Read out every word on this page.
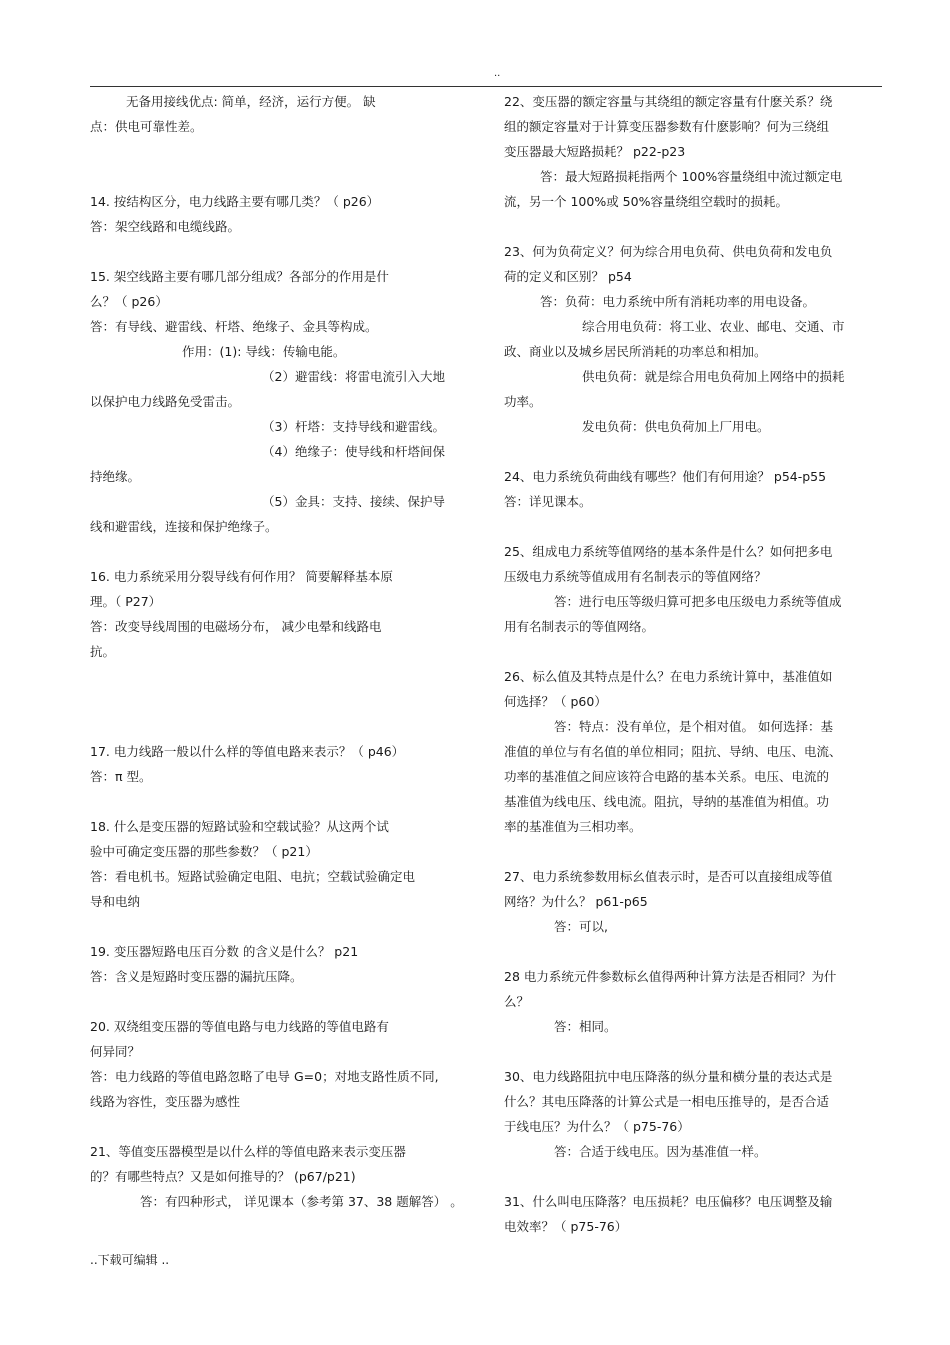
..
无备用接线优点: 简单，经济，运行方便。 缺
点：供电可靠性差。
14. 按结构区分，电力线路主要有哪几类？（ p26）
答：架空线路和电缆线路。
15. 架空线路主要有哪几部分组成？各部分的作用是什
么？（ p26）
答：有导线、避雷线、杆塔、绝缘子、金具等构成。
作用：(1): 导线：传输电能。
（2）避雷线：将雷电流引入大地
以保护电力线路免受雷击。
（3）杆塔：支持导线和避雷线。
（4）绝缘子：使导线和杆塔间保
持绝缘。
（5）金具：支持、接续、保护导
线和避雷线，连接和保护绝缘子。
16. 电力系统采用分裂导线有何作用？ 简要解释基本原
理。（ P27）
答：改变导线周围的电磁场分布， 减少电晕和线路电
抗。
17. 电力线路一般以什么样的等值电路来表示？（ p46）
答：π 型。
18. 什么是变压器的短路试验和空载试验？从这两个试
验中可确定变压器的那些参数？（ p21）
答：看电机书。短路试验确定电阻、电抗；空载试验确定电
导和电纳
19. 变压器短路电压百分数 的含义是什么？ p21
答：含义是短路时变压器的漏抗压降。
20. 双绕组变压器的等值电路与电力线路的等值电路有
何异同？
答：电力线路的等值电路忽略了电导 G=0；对地支路性质不同,
线路为容性，变压器为感性
21、等值变压器模型是以什么样的等值电路来表示变压器
的？有哪些特点？又是如何推导的？ (p67/p21)
答：有四种形式， 详见课本（参考第 37、38 题解答） 。
22、变压器的额定容量与其绕组的额定容量有什麽关系？绕
组的额定容量对于计算变压器参数有什麽影响？何为三绕组
变压器最大短路损耗？ p22-p23
答：最大短路损耗指两个 100%容量绕组中流过额定电
流，另一个 100%或 50%容量绕组空载时的损耗。
23、何为负荷定义？何为综合用电负荷、供电负荷和发电负
荷的定义和区别？ p54
答：负荷：电力系统中所有消耗功率的用电设备。
综合用电负荷：将工业、农业、邮电、交通、市
政、商业以及城乡居民所消耗的功率总和相加。
供电负荷：就是综合用电负荷加上网络中的损耗
功率。
发电负荷：供电负荷加上厂用电。
24、电力系统负荷曲线有哪些？他们有何用途？ p54-p55
答：详见课本。
25、组成电力系统等值网络的基本条件是什么？如何把多电
压级电力系统等值成用有名制表示的等值网络？
答：进行电压等级归算可把多电压级电力系统等值成
用有名制表示的等值网络。
26、标么值及其特点是什么？在电力系统计算中，基准值如
何选择？（ p60）
答：特点：没有单位，是个相对值。 如何选择：基
准值的单位与有名值的单位相同；阻抗、导纳、电压、电流、
功率的基准值之间应该符合电路的基本关系。电压、电流的
基准值为线电压、线电流。阻抗，导纳的基准值为相值。功
率的基准值为三相功率。
27、电力系统参数用标幺值表示时，是否可以直接组成等值
网络？为什么？ p61-p65
答：可以,
28 电力系统元件参数标幺值得两种计算方法是否相同？为什
么？
答：相同。
30、电力线路阻抗中电压降落的纵分量和横分量的表达式是
什么？其电压降落的计算公式是一相电压推导的，是否合适
于线电压？为什么？（ p75-76）
答：合适于线电压。因为基准值一样。
31、什么叫电压降落？电压损耗？电压偏移？电压调整及输
电效率？（ p75-76）
..下载可编辑 ..
